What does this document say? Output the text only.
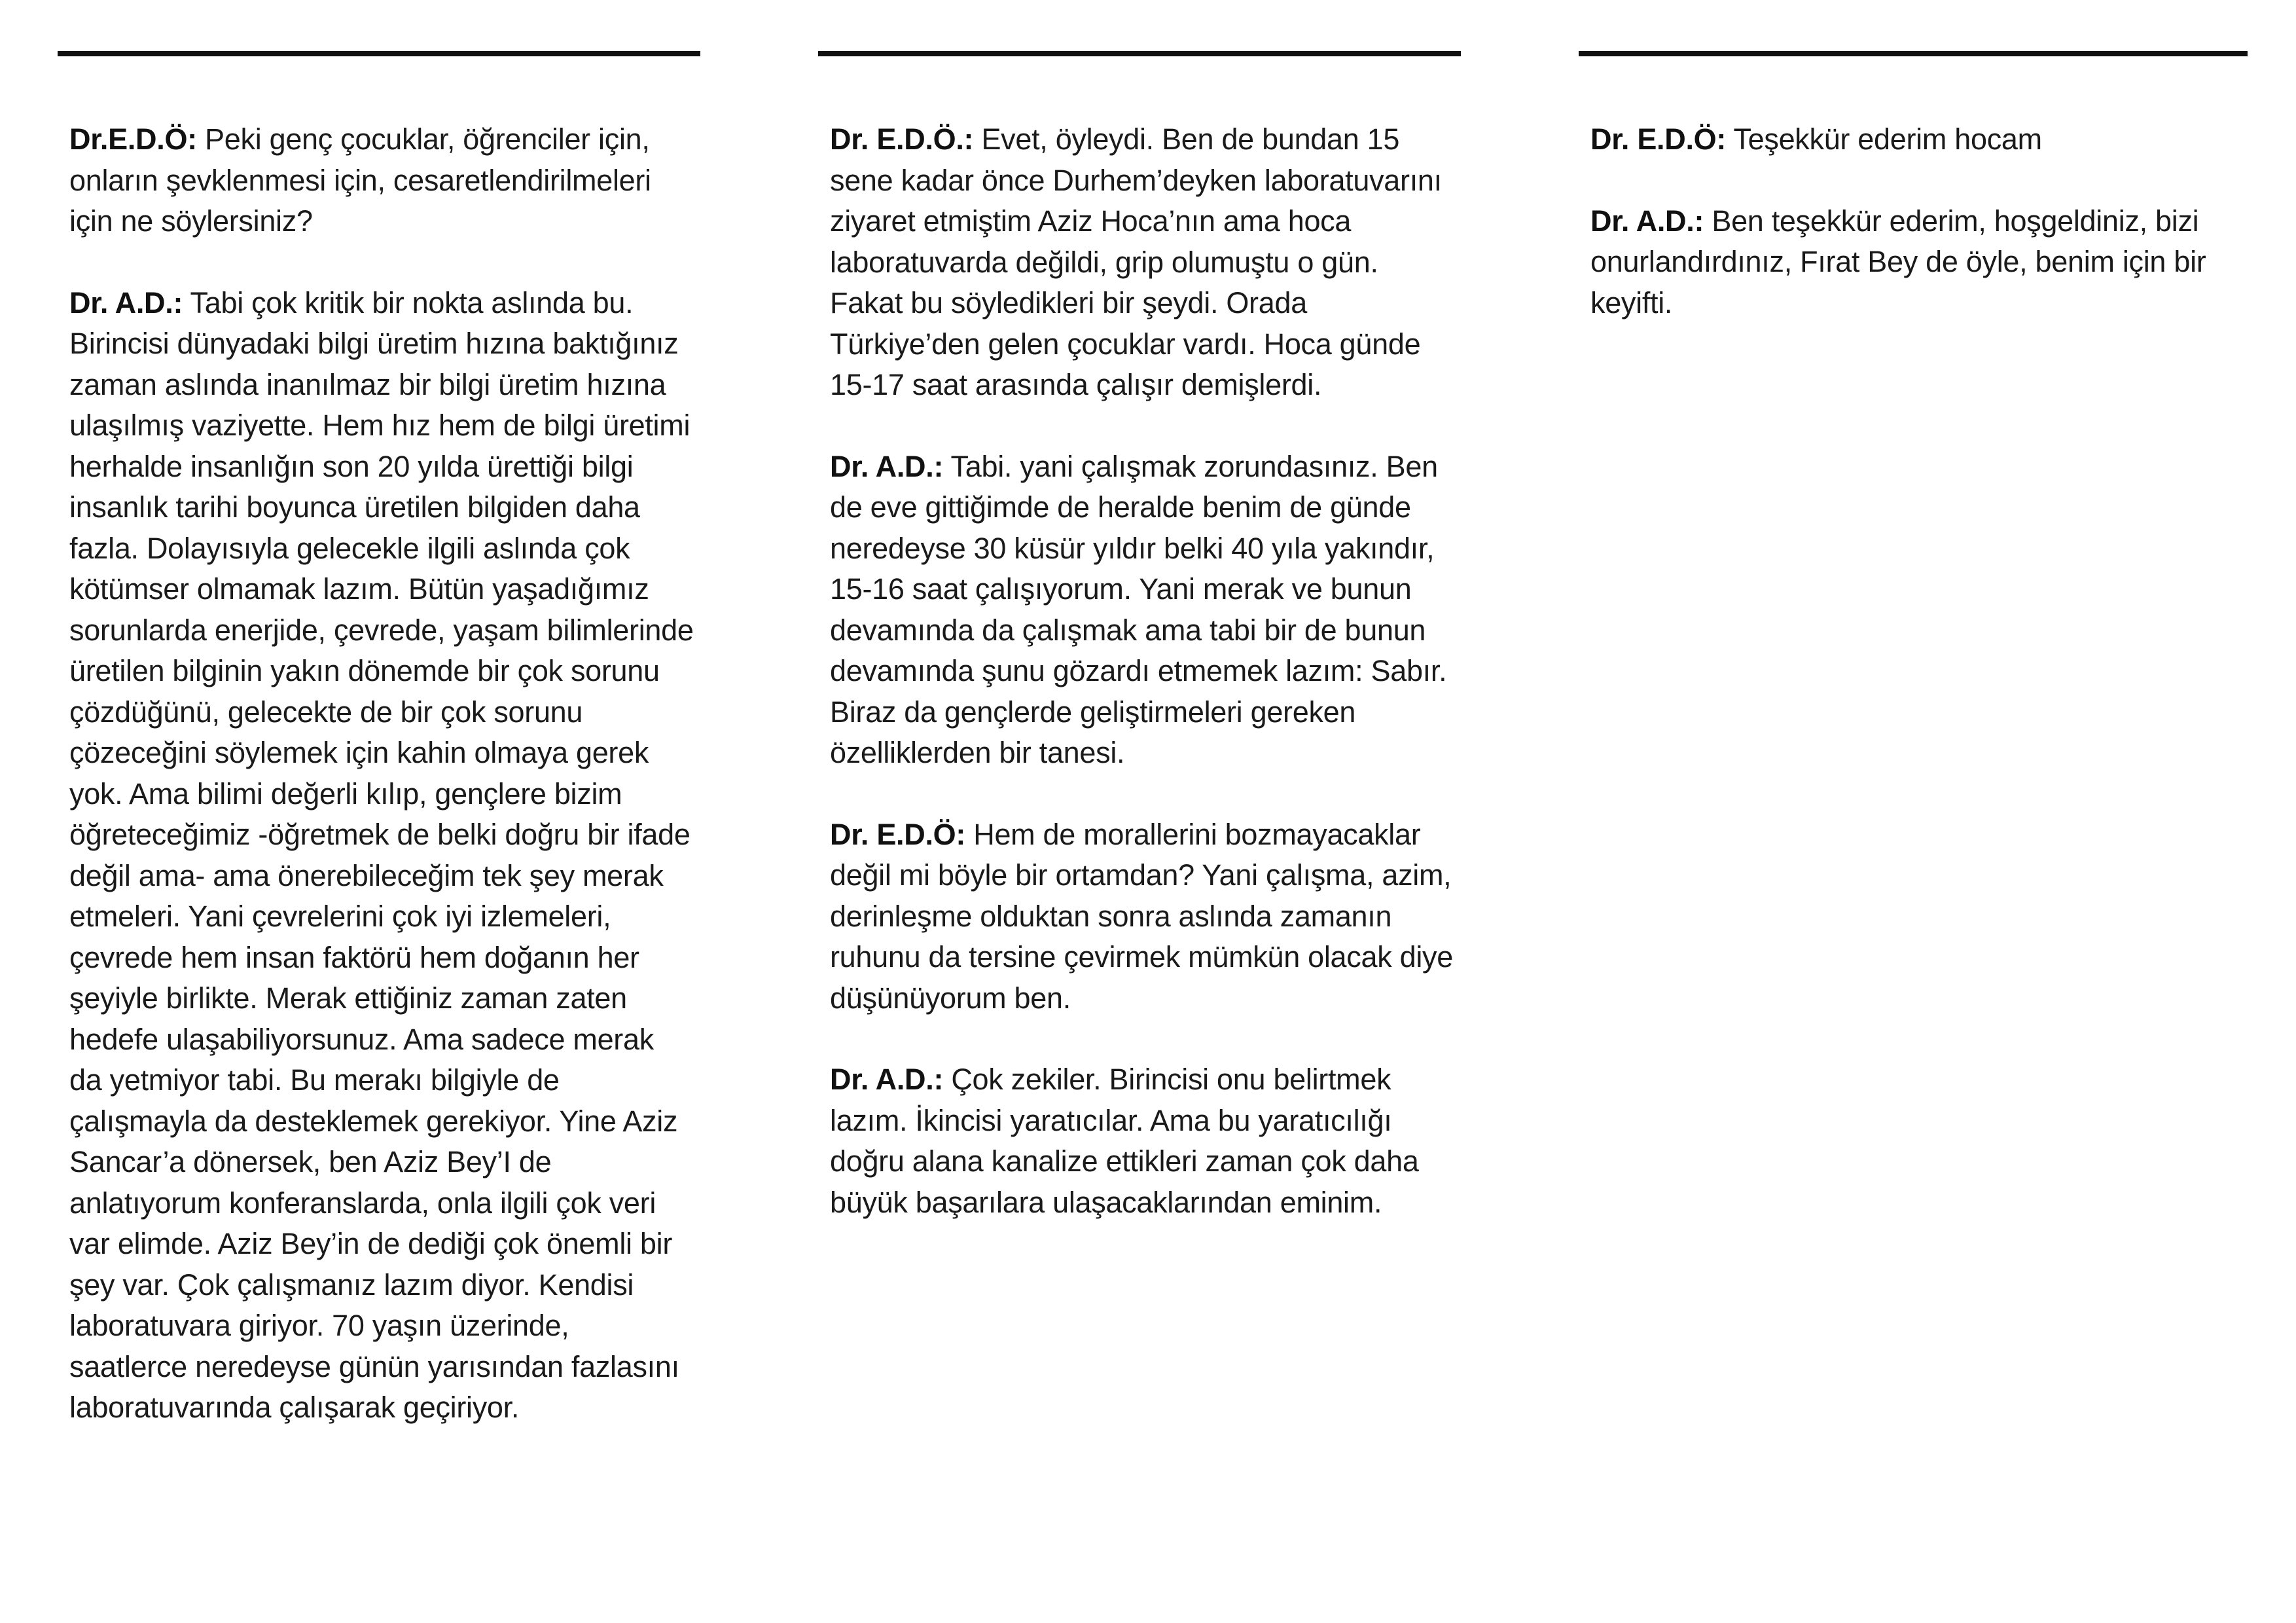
Dr.E.D.Ö: Peki genç çocuklar, öğrenciler için, onların şevklenmesi için, cesaretlendirilmeleri için ne söylersiniz?

Dr. A.D.: Tabi çok kritik bir nokta aslında bu. Birincisi dünyadaki bilgi üretim hızına baktığınız zaman aslında inanılmaz bir bilgi üretim hızına ulaşılmış vaziyette. Hem hız hem de bilgi üretimi herhalde insanlığın son 20 yılda ürettiği bilgi insanlık tarihi boyunca üretilen bilgiden daha fazla. Dolayısıyla gelecekle ilgili aslında çok kötümser olmamak lazım. Bütün yaşadığımız sorunlarda enerjide, çevrede, yaşam bilimlerinde üretilen bilginin yakın dönemde bir çok sorunu çözdüğünü, gelecekte de bir çok sorunu çözeceğini söylemek için kahin olmaya gerek yok. Ama bilimi değerli kılıp, gençlere bizim öğreteceğimiz -öğretmek de belki doğru bir ifade değil ama- ama önerebileceğim tek şey merak etmeleri. Yani çevrelerini çok iyi izlemeleri, çevrede hem insan faktörü hem doğanın her şeyiyle birlikte. Merak ettiğiniz zaman zaten hedefe ulaşabiliyorsunuz. Ama sadece merak da yetmiyor tabi. Bu merakı bilgiyle de çalışmayla da desteklemek gerekiyor. Yine Aziz Sancar’a dönersek, ben Aziz Bey’I de anlatıyorum konferanslarda, onla ilgili çok veri var elimde. Aziz Bey’in de dediği çok önemli bir şey var. Çok çalışmanız lazım diyor. Kendisi laboratuvara giriyor. 70 yaşın üzerinde, saatlerce neredeyse günün yarısından fazlasını laboratuvarında çalışarak geçiriyor.

Dr. E.D.Ö.: Evet, öyleydi. Ben de bundan 15 sene kadar önce Durhem’deyken laboratuvarını ziyaret etmiştim Aziz Hoca’nın ama hoca laboratuvarda değildi, grip olumuştu o gün. Fakat bu söyledikleri bir şeydi. Orada Türkiye’den gelen çocuklar vardı. Hoca günde 15-17 saat arasında çalışır demişlerdi.

Dr. A.D.: Tabi. yani çalışmak zorundasınız. Ben de eve gittiğimde de heralde benim de günde neredeyse 30 küsür yıldır belki 40 yıla yakındır, 15-16 saat çalışıyorum. Yani merak ve bunun devamında da çalışmak ama tabi bir de bunun devamında şunu gözardı etmemek lazım: Sabır. Biraz da gençlerde geliştirmeleri gereken özelliklerden bir tanesi.

Dr. E.D.Ö: Hem de morallerini bozmayacaklar değil mi böyle bir ortamdan? Yani çalışma, azim, derinleşme olduktan sonra aslında zamanın ruhunu da tersine çevirmek mümkün olacak diye düşünüyorum ben.

Dr. A.D.: Çok zekiler. Birincisi onu belirtmek lazım. İkincisi yaratıcılar. Ama bu yaratıcılığı doğru alana kanalize ettikleri zaman çok daha büyük başarılara ulaşacaklarından eminim.

Dr. E.D.Ö: Teşekkür ederim hocam

Dr. A.D.: Ben teşekkür ederim, hoşgeldiniz, bizi onurlandırdınız, Fırat Bey de öyle, benim için bir keyifti.
